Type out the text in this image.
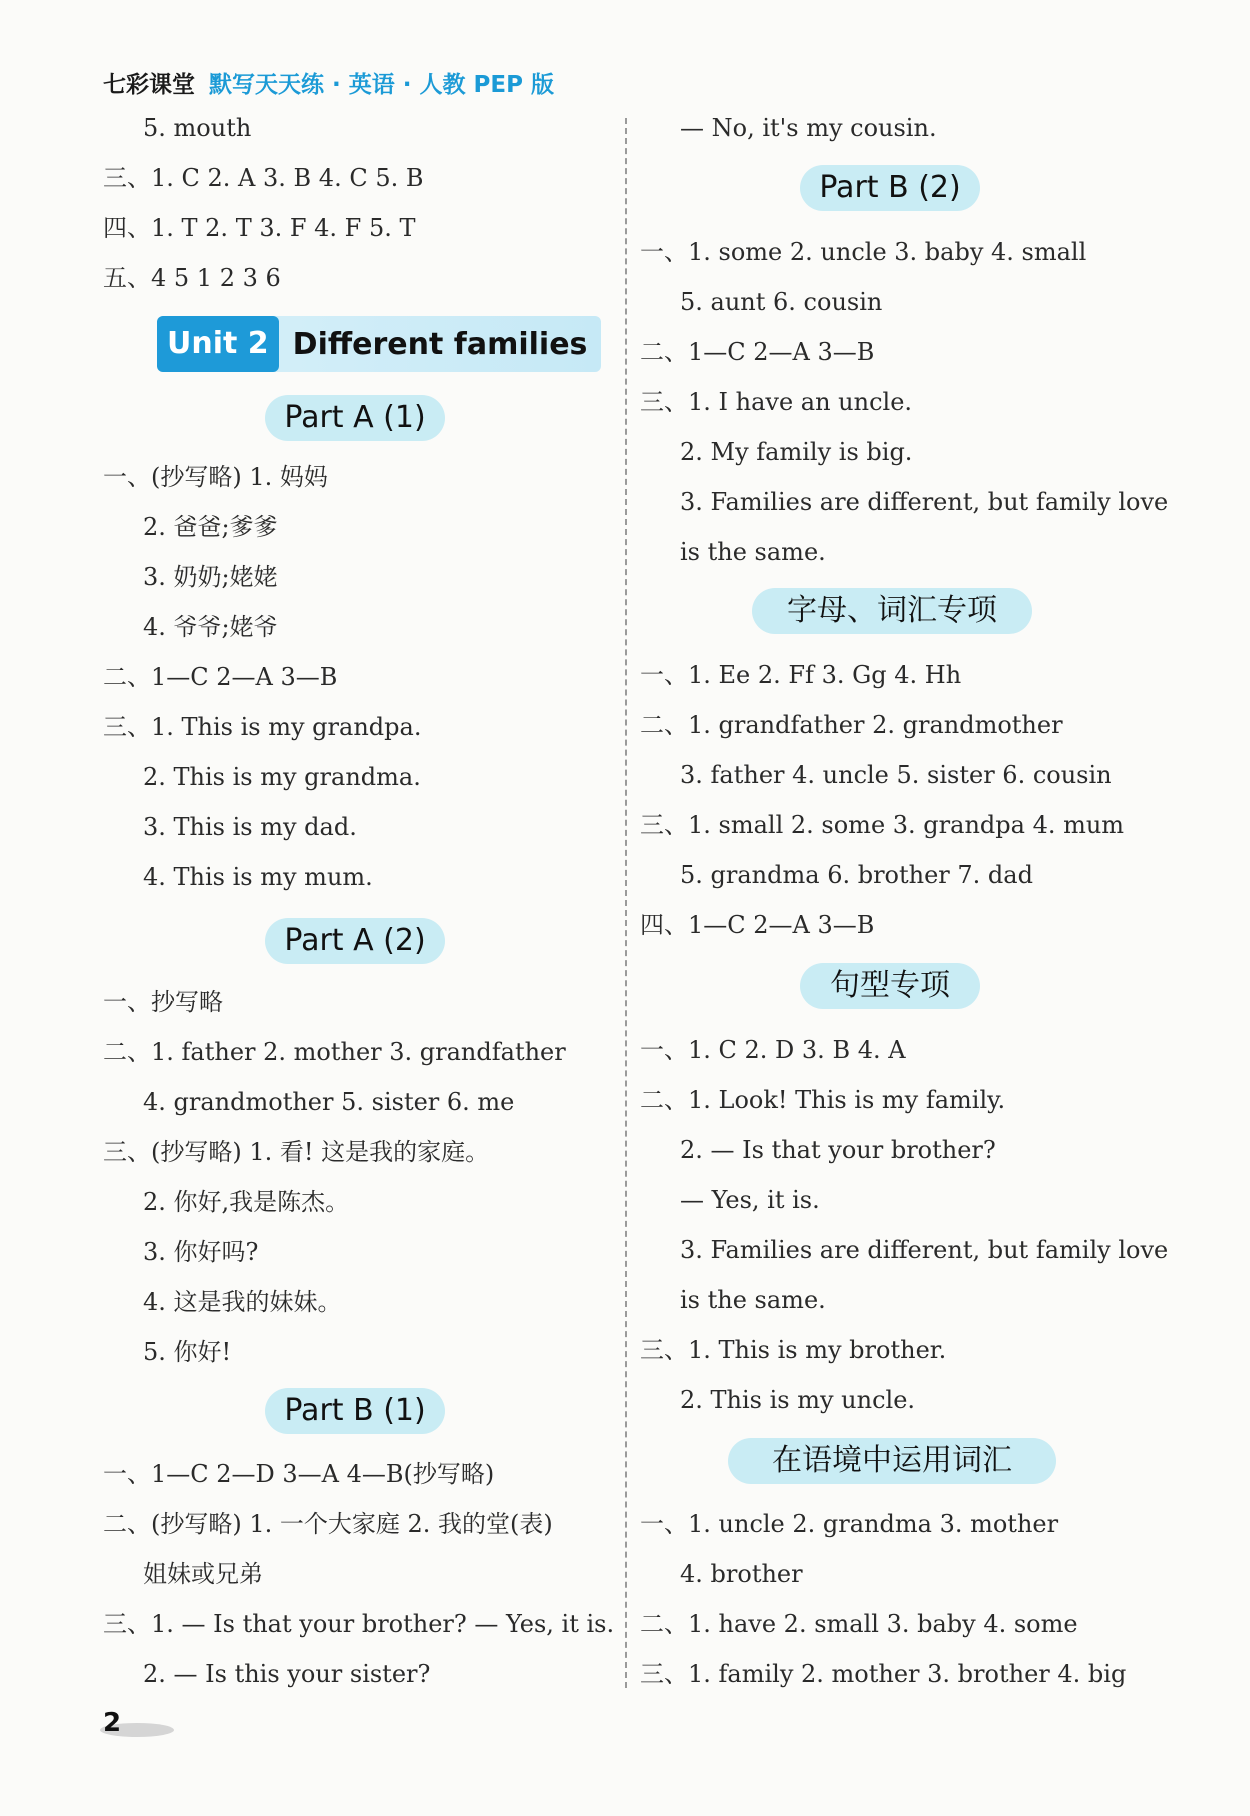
七彩课堂 默写天天练 · 英语 · 人教 PEP 版
5. mouth
三、1. C 2. A 3. B 4. C 5. B
四、1. T 2. T 3. F 4. F 5. T
五、4 5 1 2 3 6
Unit 2 Different families
Part A (1)
一、(抄写略) 1. 妈妈
2. 爸爸;爹爹
3. 奶奶;姥姥
4. 爷爷;姥爷
二、1—C 2—A 3—B
三、1. This is my grandpa.
2. This is my grandma.
3. This is my dad.
4. This is my mum.
Part A (2)
一、抄写略
二、1. father 2. mother 3. grandfather
4. grandmother 5. sister 6. me
三、(抄写略) 1. 看! 这是我的家庭。
2. 你好,我是陈杰。
3. 你好吗?
4. 这是我的妹妹。
5. 你好!
Part B (1)
一、1—C 2—D 3—A 4—B(抄写略)
二、(抄写略) 1. 一个大家庭 2. 我的堂(表)
姐妹或兄弟
三、1. — Is that your brother? — Yes, it is.
2. — Is this your sister?
— No, it's my cousin.
Part B (2)
一、1. some 2. uncle 3. baby 4. small
5. aunt 6. cousin
二、1—C 2—A 3—B
三、1. I have an uncle.
2. My family is big.
3. Families are different, but family love
is the same.
字母、词汇专项
一、1. Ee 2. Ff 3. Gg 4. Hh
二、1. grandfather 2. grandmother
3. father 4. uncle 5. sister 6. cousin
三、1. small 2. some 3. grandpa 4. mum
5. grandma 6. brother 7. dad
四、1—C 2—A 3—B
句型专项
一、1. C 2. D 3. B 4. A
二、1. Look! This is my family.
2. — Is that your brother?
— Yes, it is.
3. Families are different, but family love
is the same.
三、1. This is my brother.
2. This is my uncle.
在语境中运用词汇
一、1. uncle 2. grandma 3. mother
4. brother
二、1. have 2. small 3. baby 4. some
三、1. family 2. mother 3. brother 4. big
2
